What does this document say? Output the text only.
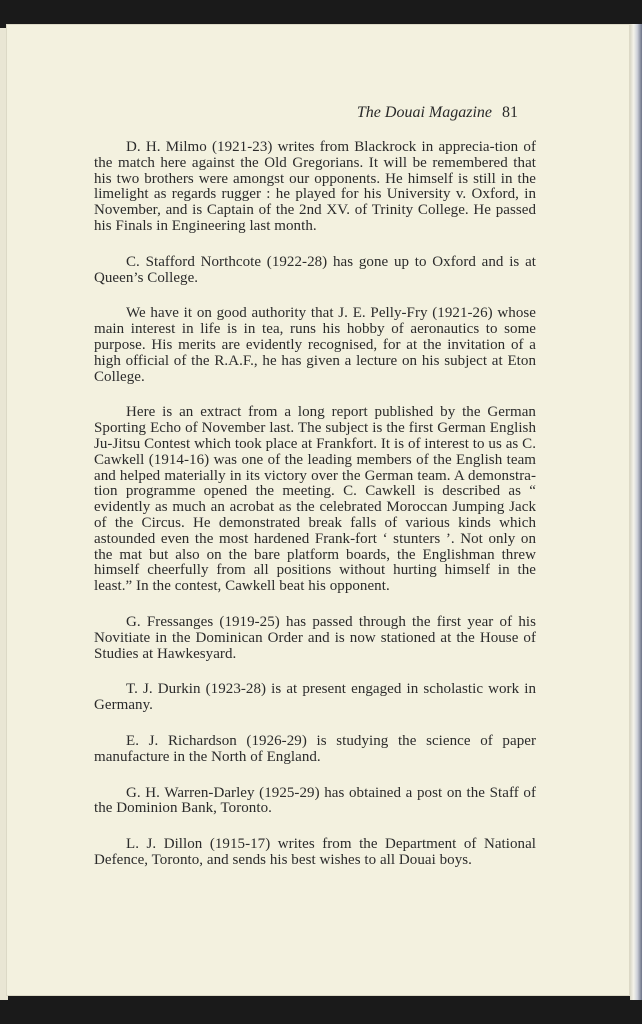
The Douai Magazine 81

D. H. Milmo (1921-23) writes from Blackrock in apprecia-tion of the match here against the Old Gregorians. It will be remembered that his two brothers were amongst our opponents. He himself is still in the limelight as regards rugger : he played for his University v. Oxford, in November, and is Captain of the 2nd XV. of Trinity College. He passed his Finals in Engineering last month.

C. Stafford Northcote (1922-28) has gone up to Oxford and is at Queen’s College.

We have it on good authority that J. E. Pelly-Fry (1921-26) whose main interest in life is in tea, runs his hobby of aeronautics to some purpose. His merits are evidently recognised, for at the invitation of a high official of the R.A.F., he has given a lecture on his subject at Eton College.

Here is an extract from a long report published by the German Sporting Echo of November last. The subject is the first German English Ju-Jitsu Contest which took place at Frankfort. It is of interest to us as C. Cawkell (1914-16) was one of the leading members of the English team and helped materially in its victory over the German team. A demonstra-tion programme opened the meeting. C. Cawkell is described as “ evidently as much an acrobat as the celebrated Moroccan Jumping Jack of the Circus. He demonstrated break falls of various kinds which astounded even the most hardened Frank-fort ‘ stunters ’. Not only on the mat but also on the bare platform boards, the Englishman threw himself cheerfully from all positions without hurting himself in the least.” In the contest, Cawkell beat his opponent.

G. Fressanges (1919-25) has passed through the first year of his Novitiate in the Dominican Order and is now stationed at the House of Studies at Hawkesyard.

T. J. Durkin (1923-28) is at present engaged in scholastic work in Germany.

E. J. Richardson (1926-29) is studying the science of paper manufacture in the North of England.

G. H. Warren-Darley (1925-29) has obtained a post on the Staff of the Dominion Bank, Toronto.

L. J. Dillon (1915-17) writes from the Department of National Defence, Toronto, and sends his best wishes to all Douai boys.
